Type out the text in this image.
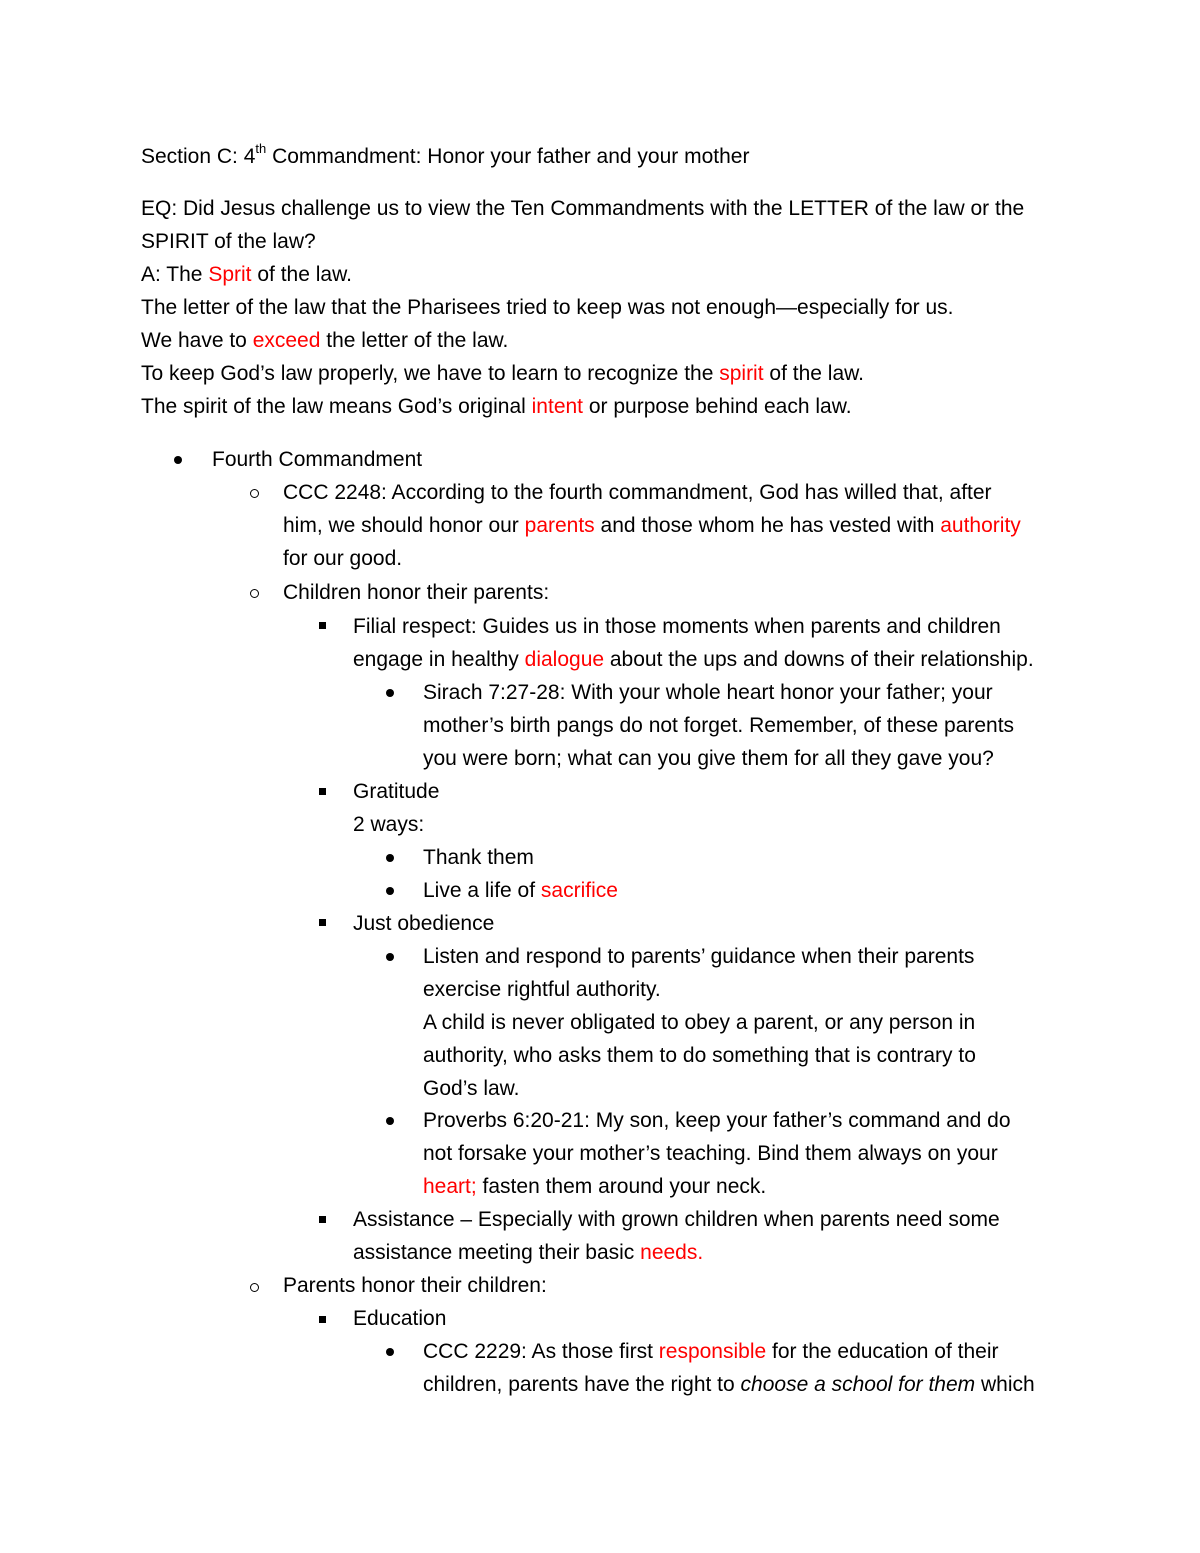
Section C: 4th Commandment: Honor your father and your mother
EQ: Did Jesus challenge us to view the Ten Commandments with the LETTER of the law or the
SPIRIT of the law?
A: The Sprit of the law.
The letter of the law that the Pharisees tried to keep was not enough—especially for us.
We have to exceed the letter of the law.
To keep God’s law properly, we have to learn to recognize the spirit of the law.
The spirit of the law means God’s original intent or purpose behind each law.
Fourth Commandment
CCC 2248: According to the fourth commandment, God has willed that, after
him, we should honor our parents and those whom he has vested with authority
for our good.
Children honor their parents:
Filial respect: Guides us in those moments when parents and children
engage in healthy dialogue about the ups and downs of their relationship.
Sirach 7:27-28: With your whole heart honor your father; your
mother’s birth pangs do not forget. Remember, of these parents
you were born; what can you give them for all they gave you?
Gratitude
2 ways:
Thank them
Live a life of sacrifice
Just obedience
Listen and respond to parents’ guidance when their parents
exercise rightful authority.
A child is never obligated to obey a parent, or any person in
authority, who asks them to do something that is contrary to
God’s law.
Proverbs 6:20-21: My son, keep your father’s command and do
not forsake your mother’s teaching. Bind them always on your
heart; fasten them around your neck.
Assistance – Especially with grown children when parents need some
assistance meeting their basic needs.
Parents honor their children:
Education
CCC 2229: As those first responsible for the education of their
children, parents have the right to choose a school for them which
